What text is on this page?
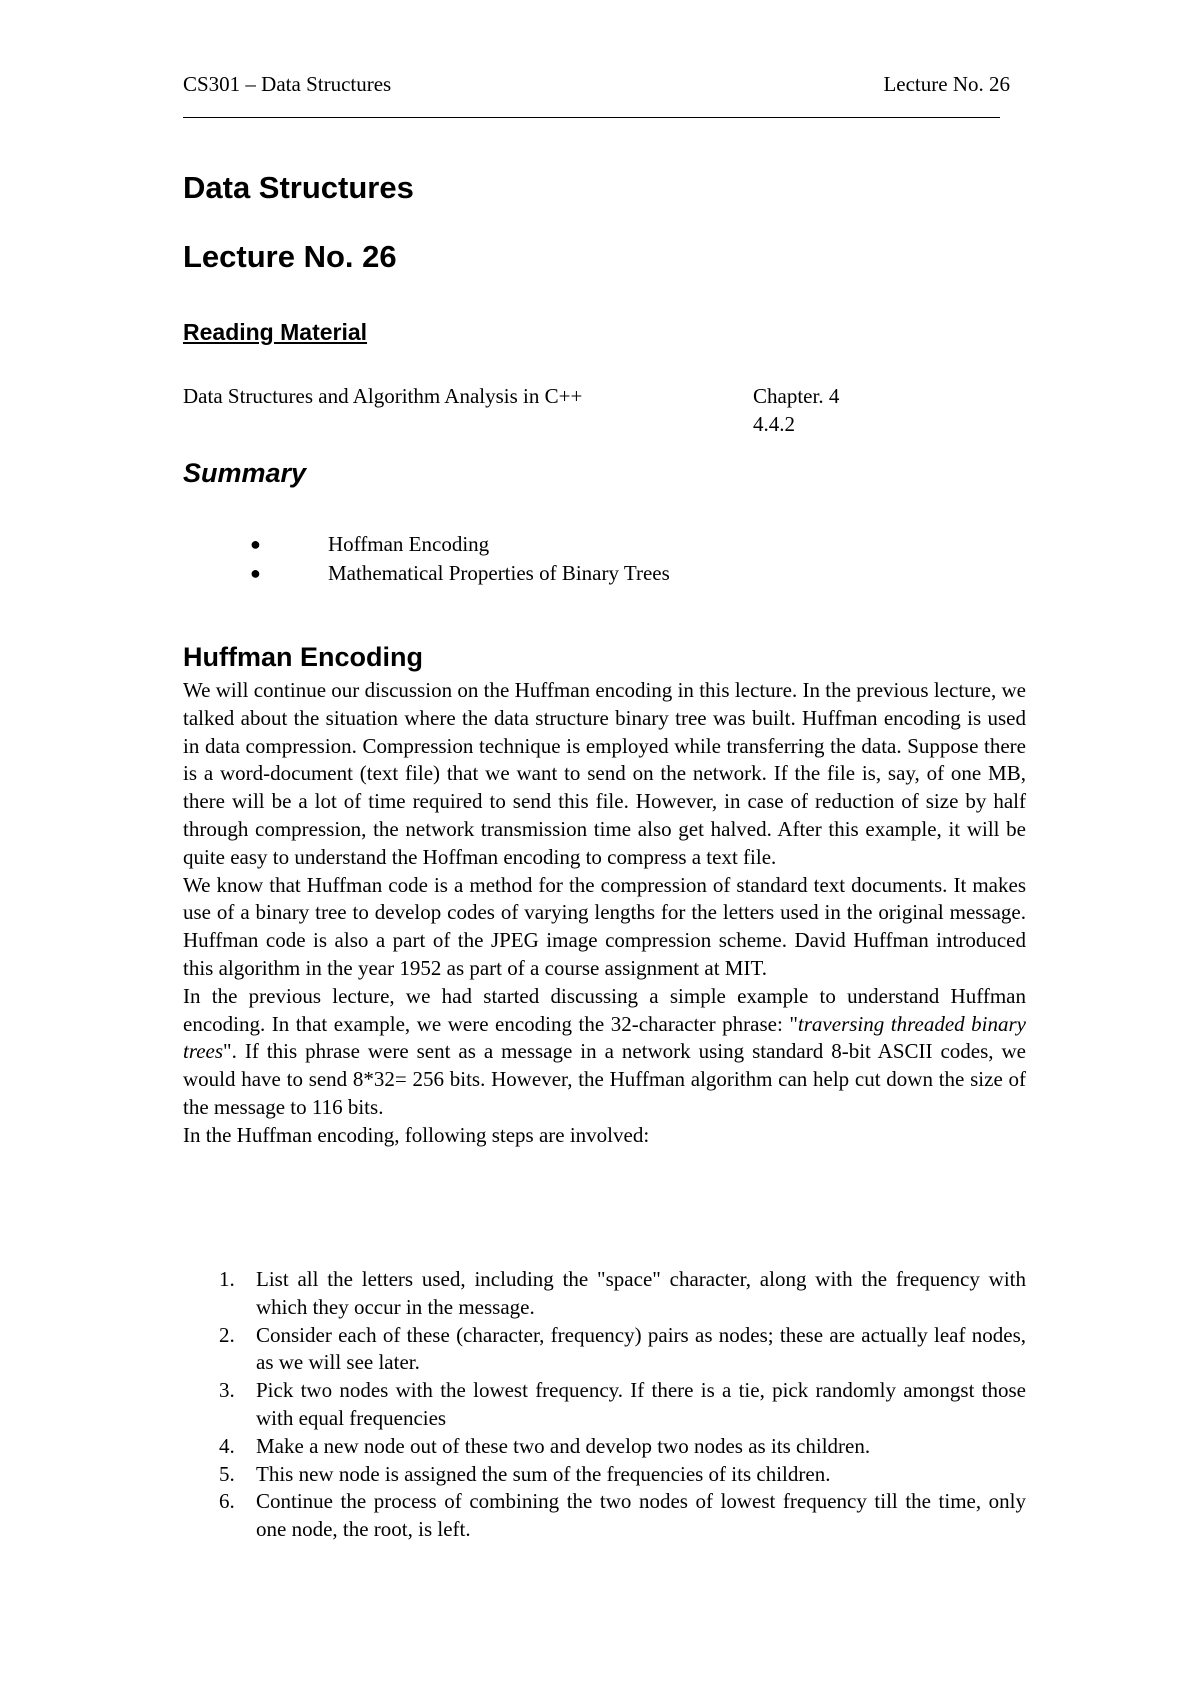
CS301 – Data Structures	Lecture No. 26
Data Structures
Lecture No. 26
Reading Material
Data Structures and Algorithm Analysis in C++	Chapter. 4
4.4.2
Summary
●	Hoffman Encoding
●	Mathematical Properties of Binary Trees
Huffman Encoding

We will continue our discussion on the Huffman encoding in this lecture. In the previous lecture, we talked about the situation where the data structure binary tree was built. Huffman encoding is used in data compression. Compression technique is employed while transferring the data. Suppose there is a word-document (text file) that we want to send on the network. If the file is, say, of one MB, there will be a lot of time required to send this file. However, in case of reduction of size by half through compression, the network transmission time also get halved. After this example, it will be quite easy to understand the Hoffman encoding to compress a text file.

We know that Huffman code is a method for the compression of standard text documents. It makes use of a binary tree to develop codes of varying lengths for the letters used in the original message. Huffman code is also a part of the JPEG image compression scheme. David Huffman introduced this algorithm in the year 1952 as part of a course assignment at MIT.

In the previous lecture, we had started discussing a simple example to understand Huffman encoding. In that example, we were encoding the 32-character phrase: "traversing threaded binary trees". If this phrase were sent as a message in a network using standard 8-bit ASCII codes, we would have to send 8*32= 256 bits. However, the Huffman algorithm can help cut down the size of the message to 116 bits.

In the Huffman encoding, following steps are involved:

1. List all the letters used, including the "space" character, along with the frequency with which they occur in the message.
2. Consider each of these (character, frequency) pairs as nodes; these are actually leaf nodes, as we will see later.
3. Pick two nodes with the lowest frequency. If there is a tie, pick randomly amongst those with equal frequencies
4. Make a new node out of these two and develop two nodes as its children.
5. This new node is assigned the sum of the frequencies of its children.
6. Continue the process of combining the two nodes of lowest frequency till the time, only one node, the root, is left.
